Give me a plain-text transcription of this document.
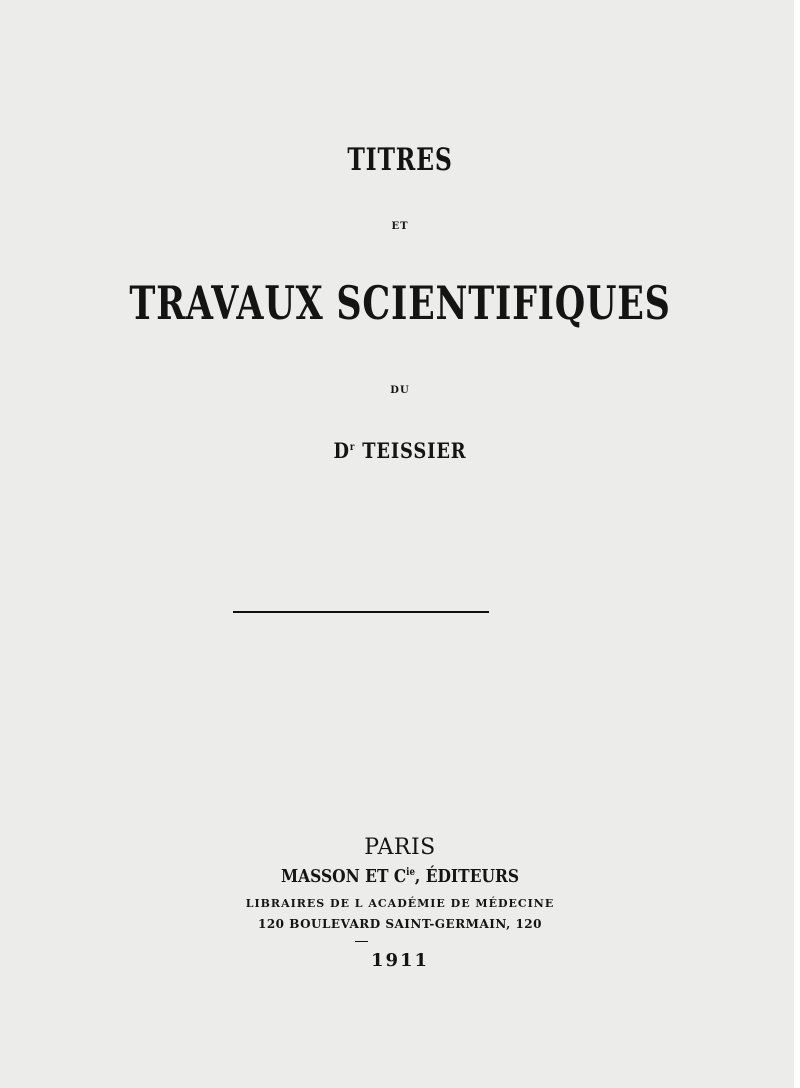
TITRES
ET
TRAVAUX SCIENTIFIQUES
DU
$D^r$ TEISSIER
PARIS
MASSON ET $C^{ie}$, ÉDITEURS
LIBRAIRES DE L ACADÉMIE DE MÉDECINE
120 BOULEVARD SAINT-GERMAIN, 120
1911
